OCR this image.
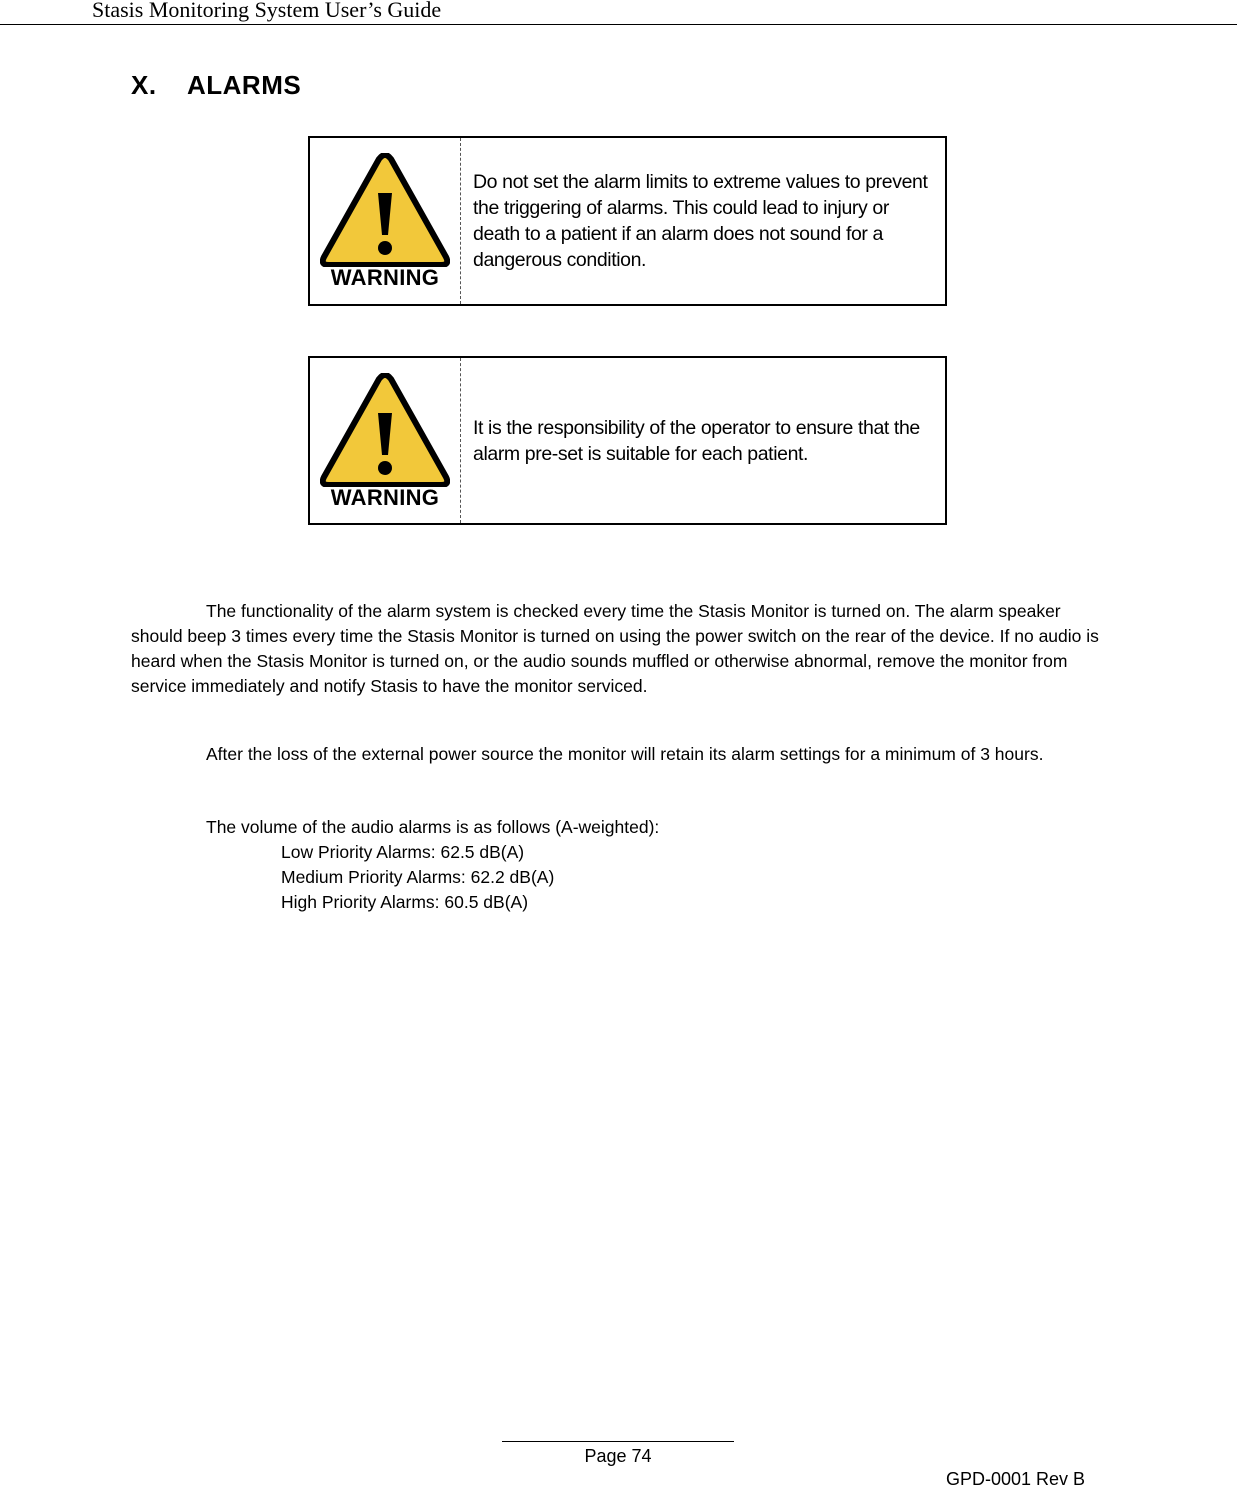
Stasis Monitoring System User’s Guide
X. ALARMS
WARNING
Do not set the alarm limits to extreme values to prevent the triggering of alarms. This could lead to injury or death to a patient if an alarm does not sound for a dangerous condition.
WARNING
It is the responsibility of the operator to ensure that the alarm pre-set is suitable for each patient.
The functionality of the alarm system is checked every time the Stasis Monitor is turned on. The alarm speaker should beep 3 times every time the Stasis Monitor is turned on using the power switch on the rear of the device. If no audio is heard when the Stasis Monitor is turned on, or the audio sounds muffled or otherwise abnormal, remove the monitor from service immediately and notify Stasis to have the monitor serviced.
After the loss of the external power source the monitor will retain its alarm settings for a minimum of 3 hours.
The volume of the audio alarms is as follows (A-weighted):
Low Priority Alarms: 62.5 dB(A)
Medium Priority Alarms: 62.2 dB(A)
High Priority Alarms: 60.5 dB(A)
Page 74
GPD-0001 Rev B
